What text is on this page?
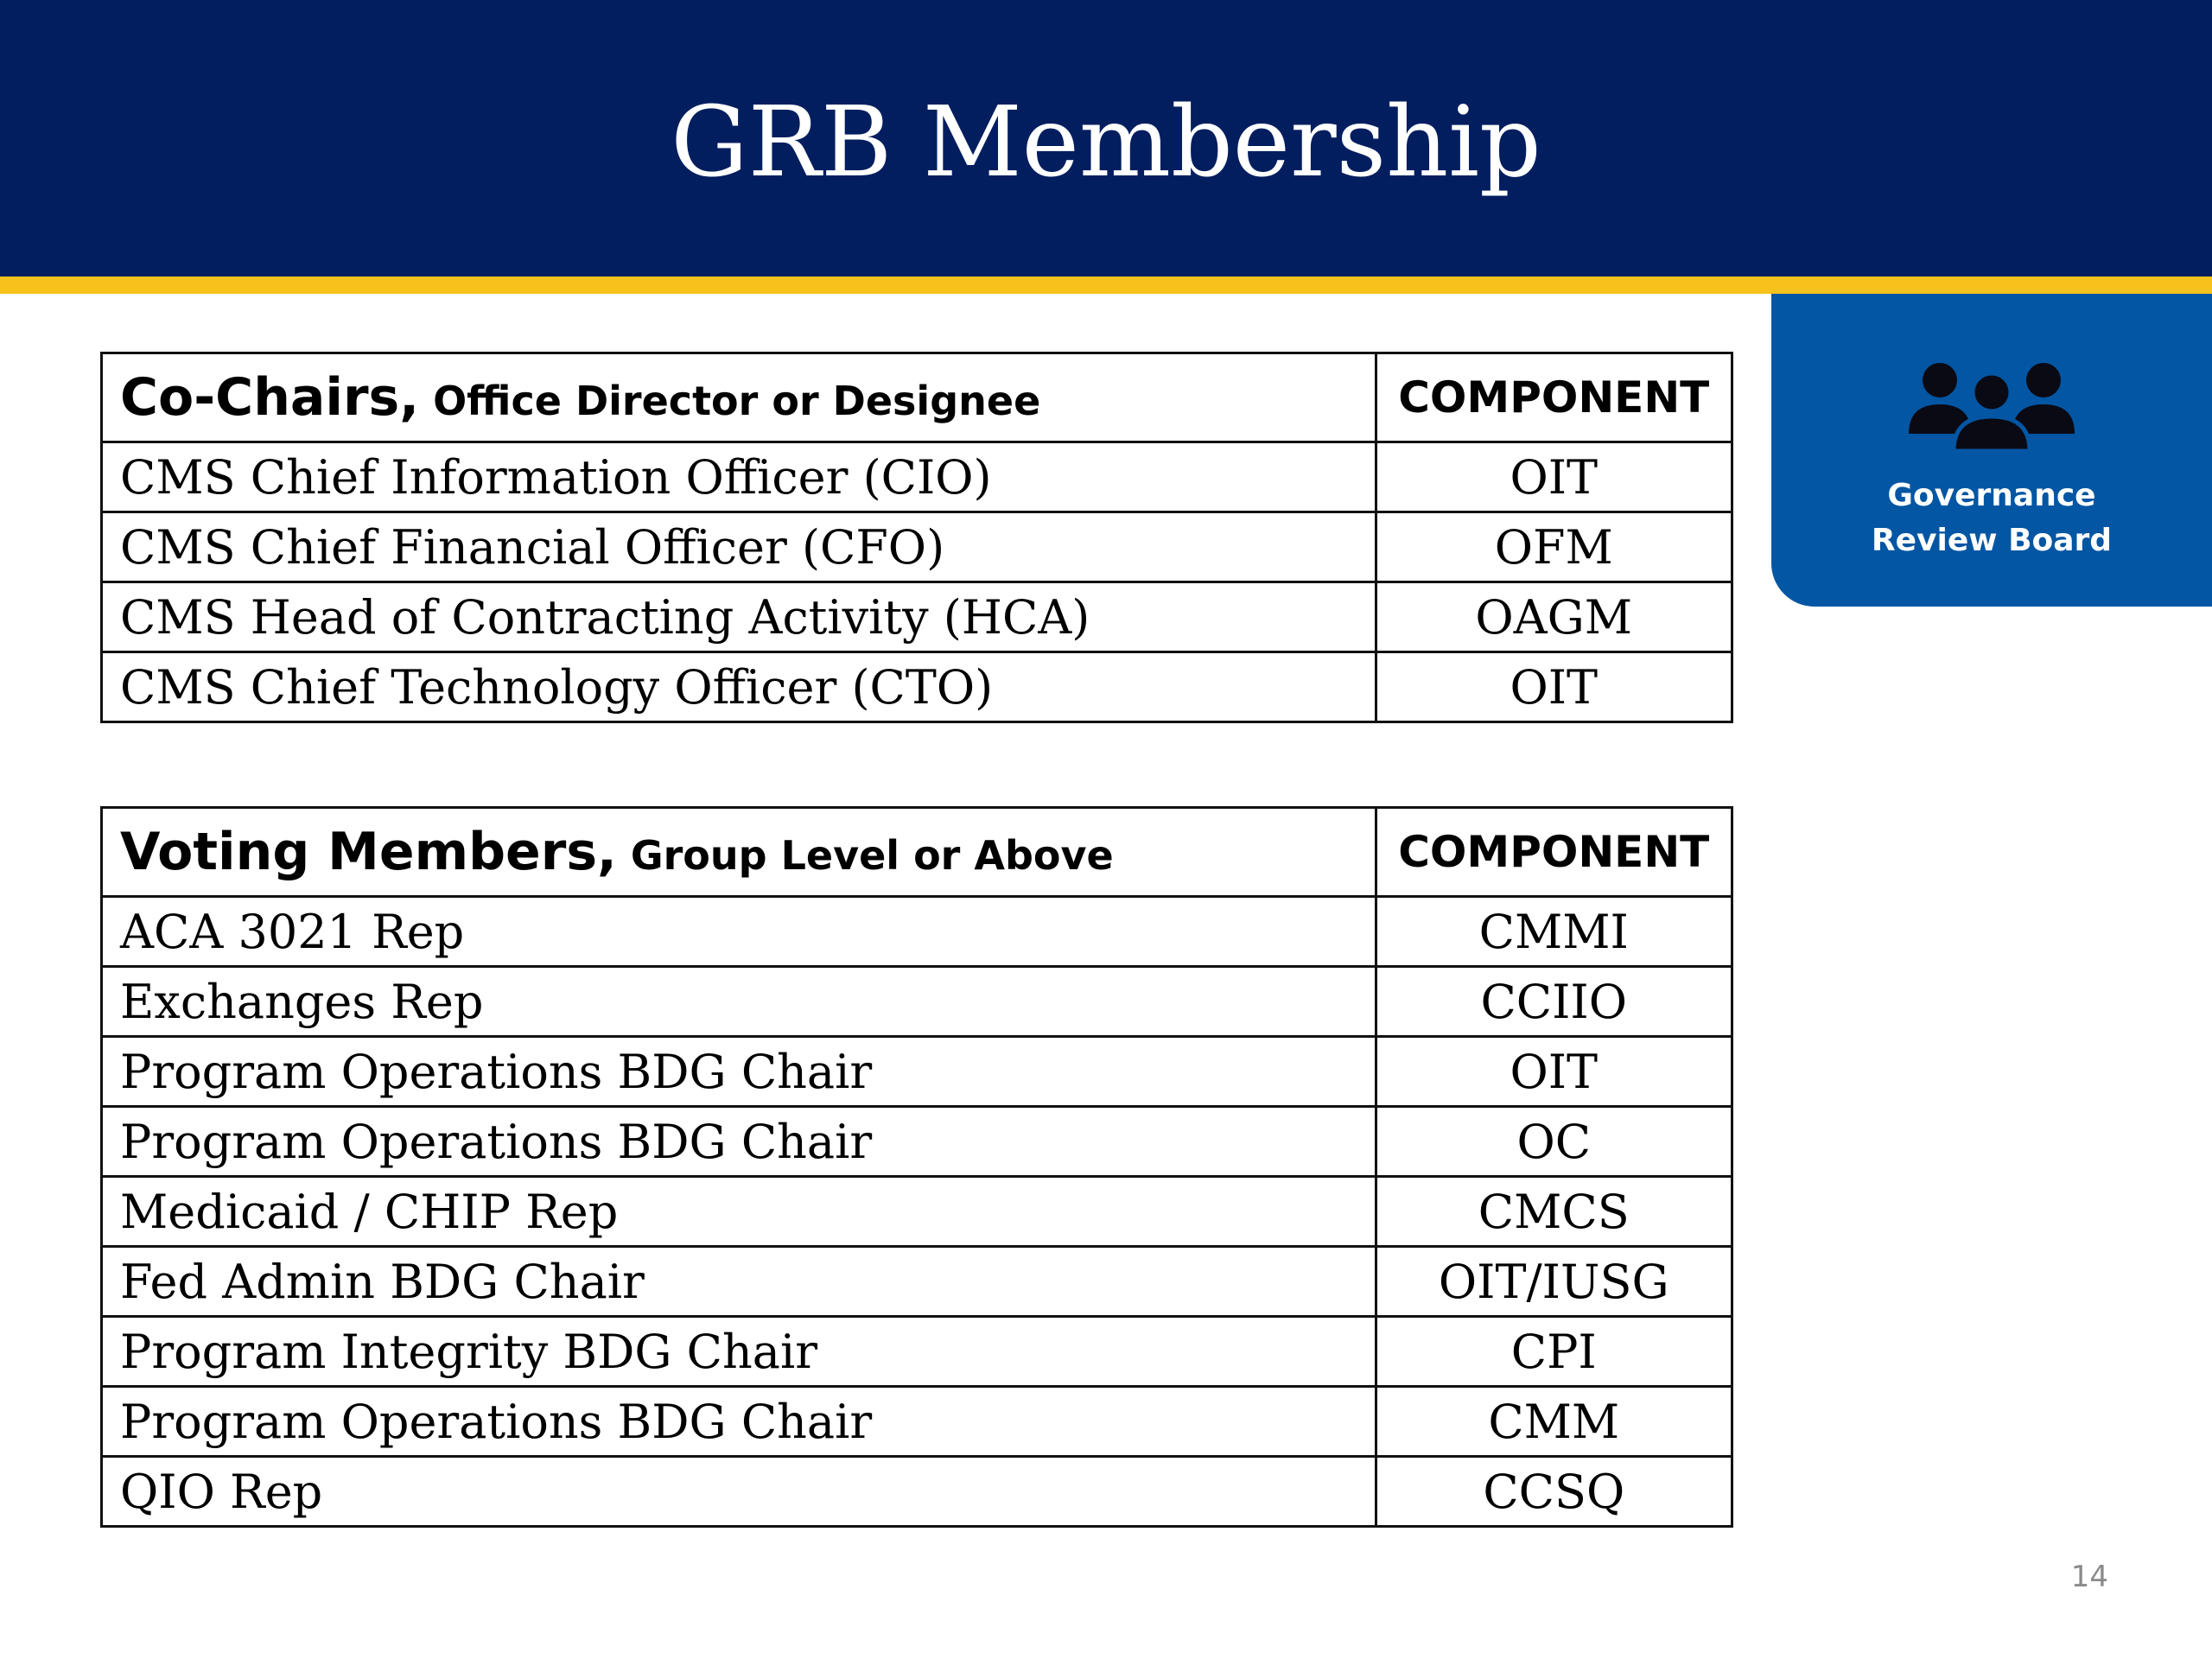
GRB Membership
Governance
Review Board
Co-Chairs, Office Director or Designee	COMPONENT
CMS Chief Information Officer (CIO)	OIT
CMS Chief Financial Officer (CFO)	OFM
CMS Head of Contracting Activity (HCA)	OAGM
CMS Chief Technology Officer (CTO)	OIT
Voting Members, Group Level or Above	COMPONENT
ACA 3021 Rep	CMMI
Exchanges Rep	CCIIO
Program Operations BDG Chair	OIT
Program Operations BDG Chair	OC
Medicaid / CHIP Rep	CMCS
Fed Admin BDG Chair	OIT/IUSG
Program Integrity BDG Chair	CPI
Program Operations BDG Chair	CMM
QIO Rep	CCSQ
14
